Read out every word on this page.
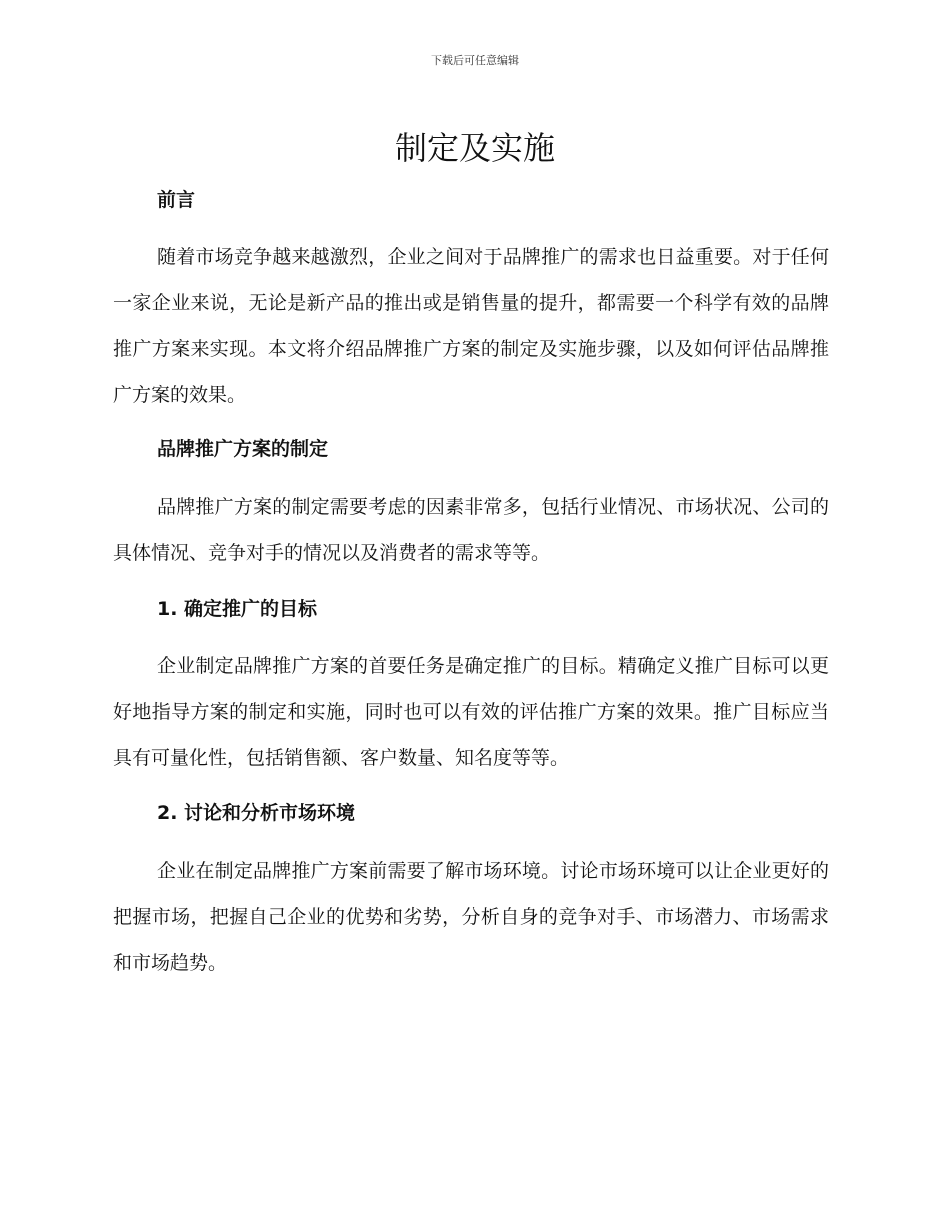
下载后可任意编辑
制定及实施
前言

随着市场竞争越来越激烈，企业之间对于品牌推广的需求也日益重要。对于任何一家企业来说，无论是新产品的推出或是销售量的提升，都需要一个科学有效的品牌推广方案来实现。本文将介绍品牌推广方案的制定及实施步骤，以及如何评估品牌推广方案的效果。

品牌推广方案的制定

品牌推广方案的制定需要考虑的因素非常多，包括行业情况、市场状况、公司的具体情况、竞争对手的情况以及消费者的需求等等。

1. 确定推广的目标

企业制定品牌推广方案的首要任务是确定推广的目标。精确定义推广目标可以更好地指导方案的制定和实施，同时也可以有效的评估推广方案的效果。推广目标应当具有可量化性，包括销售额、客户数量、知名度等等。

2. 讨论和分析市场环境

企业在制定品牌推广方案前需要了解市场环境。讨论市场环境可以让企业更好的把握市场，把握自己企业的优势和劣势，分析自身的竞争对手、市场潜力、市场需求和市场趋势。
